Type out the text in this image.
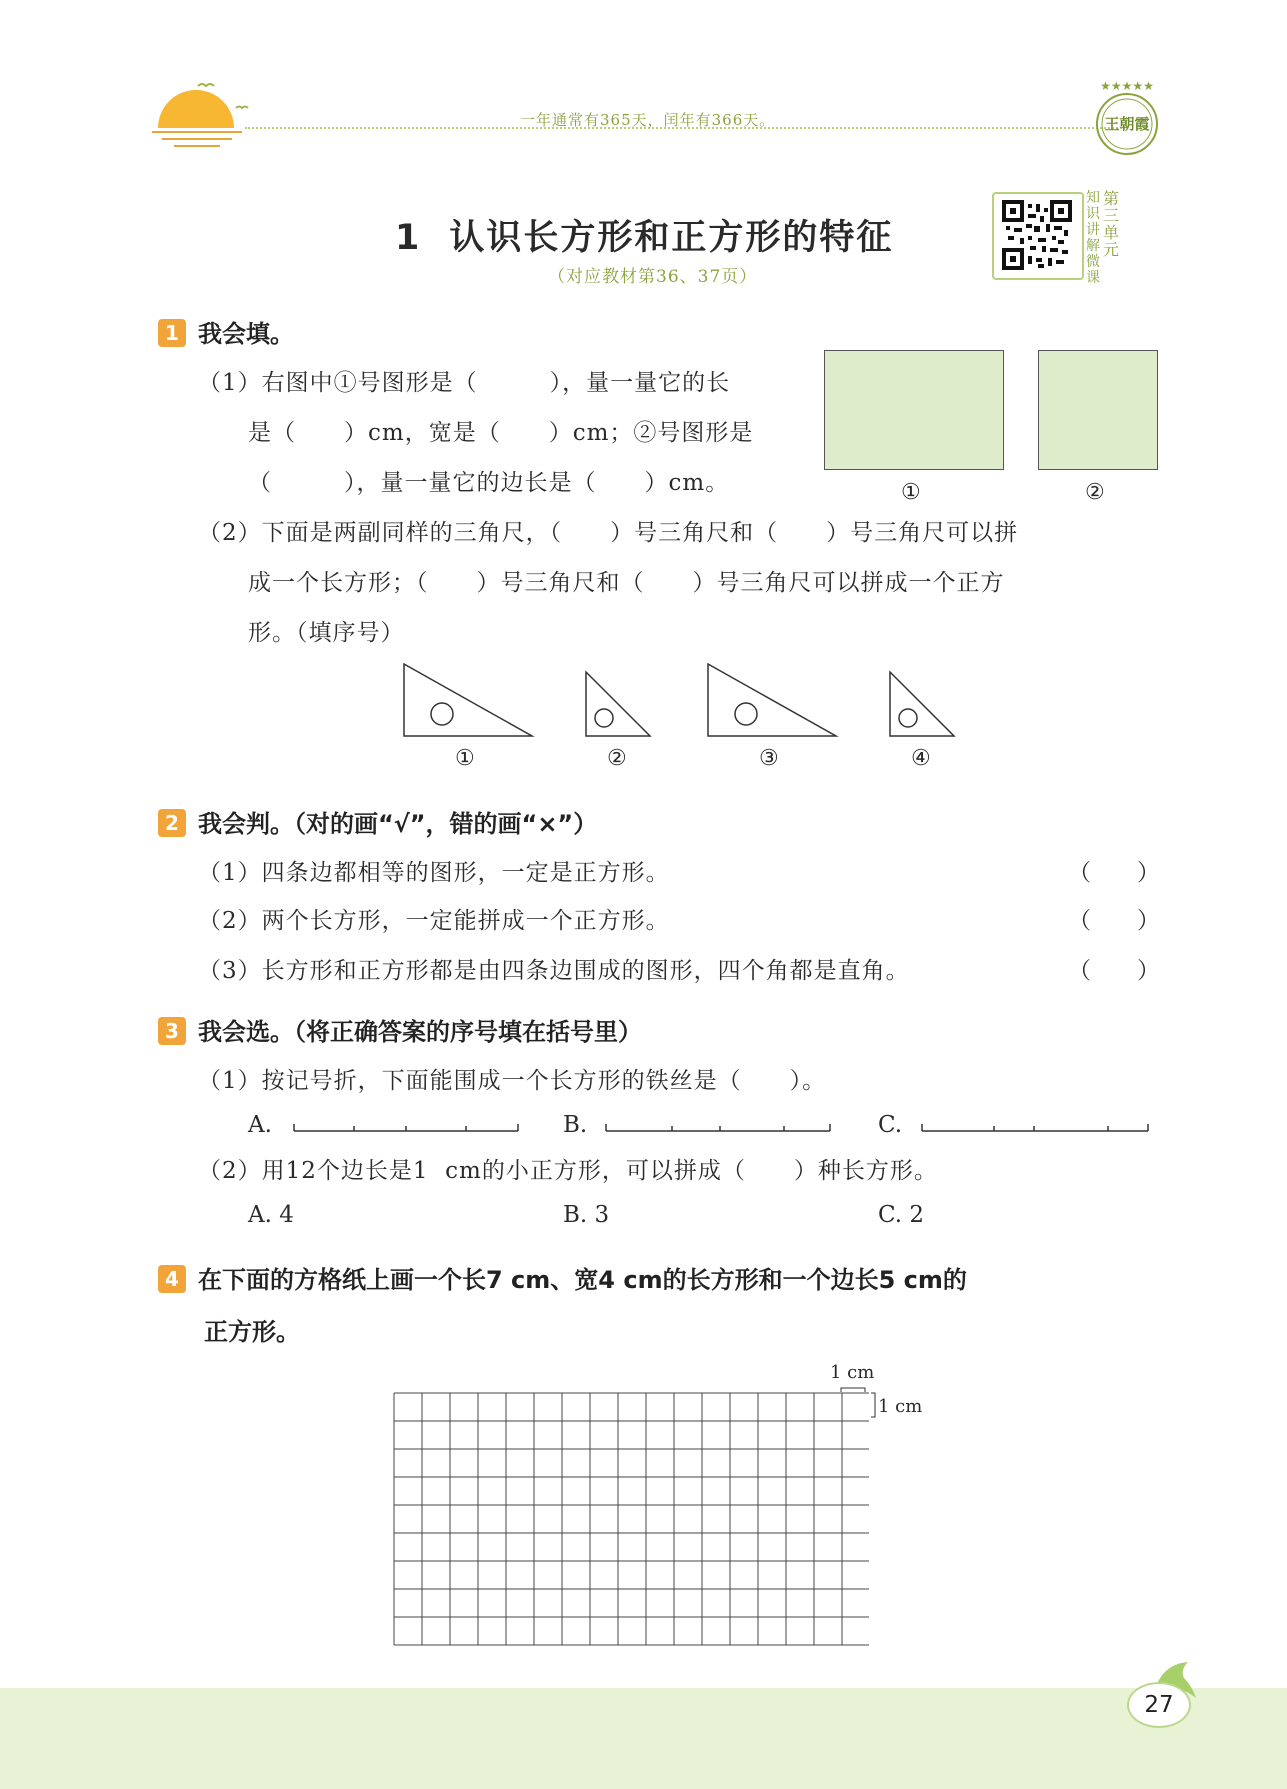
一年通常有365天，闰年有366天。
★★★★★
王朝霞
1 认识长方形和正方形的特征
（对应教材第36、37页）
第
三
单
元
知
识
讲
解
微
课
1 我会填。
（1）右图中①号图形是（　　　），量一量它的长
是（　　）cm，宽是（　　）cm；②号图形是
（　　　），量一量它的边长是（　　）cm。	①	②
（2）下面是两副同样的三角尺，（　　）号三角尺和（　　）号三角尺可以拼
成一个长方形；（　　）号三角尺和（　　）号三角尺可以拼成一个正方
形。（填序号）
①	②	③	④
2 我会判。（对的画“√”，错的画“×”）
（1）四条边都相等的图形，一定是正方形。	（　　）
（2）两个长方形，一定能拼成一个正方形。	（　　）
（3）长方形和正方形都是由四条边围成的图形，四个角都是直角。	（　　）
3 我会选。（将正确答案的序号填在括号里）
（1）按记号折，下面能围成一个长方形的铁丝是（　　）。
A.	B.	C.
（2）用12个边长是1  cm的小正方形，可以拼成（　　）种长方形。
A. 4	B. 3	C. 2
4 在下面的方格纸上画一个长7 cm、宽4 cm的长方形和一个边长5 cm的
正方形。
1 cm
1 cm
27
